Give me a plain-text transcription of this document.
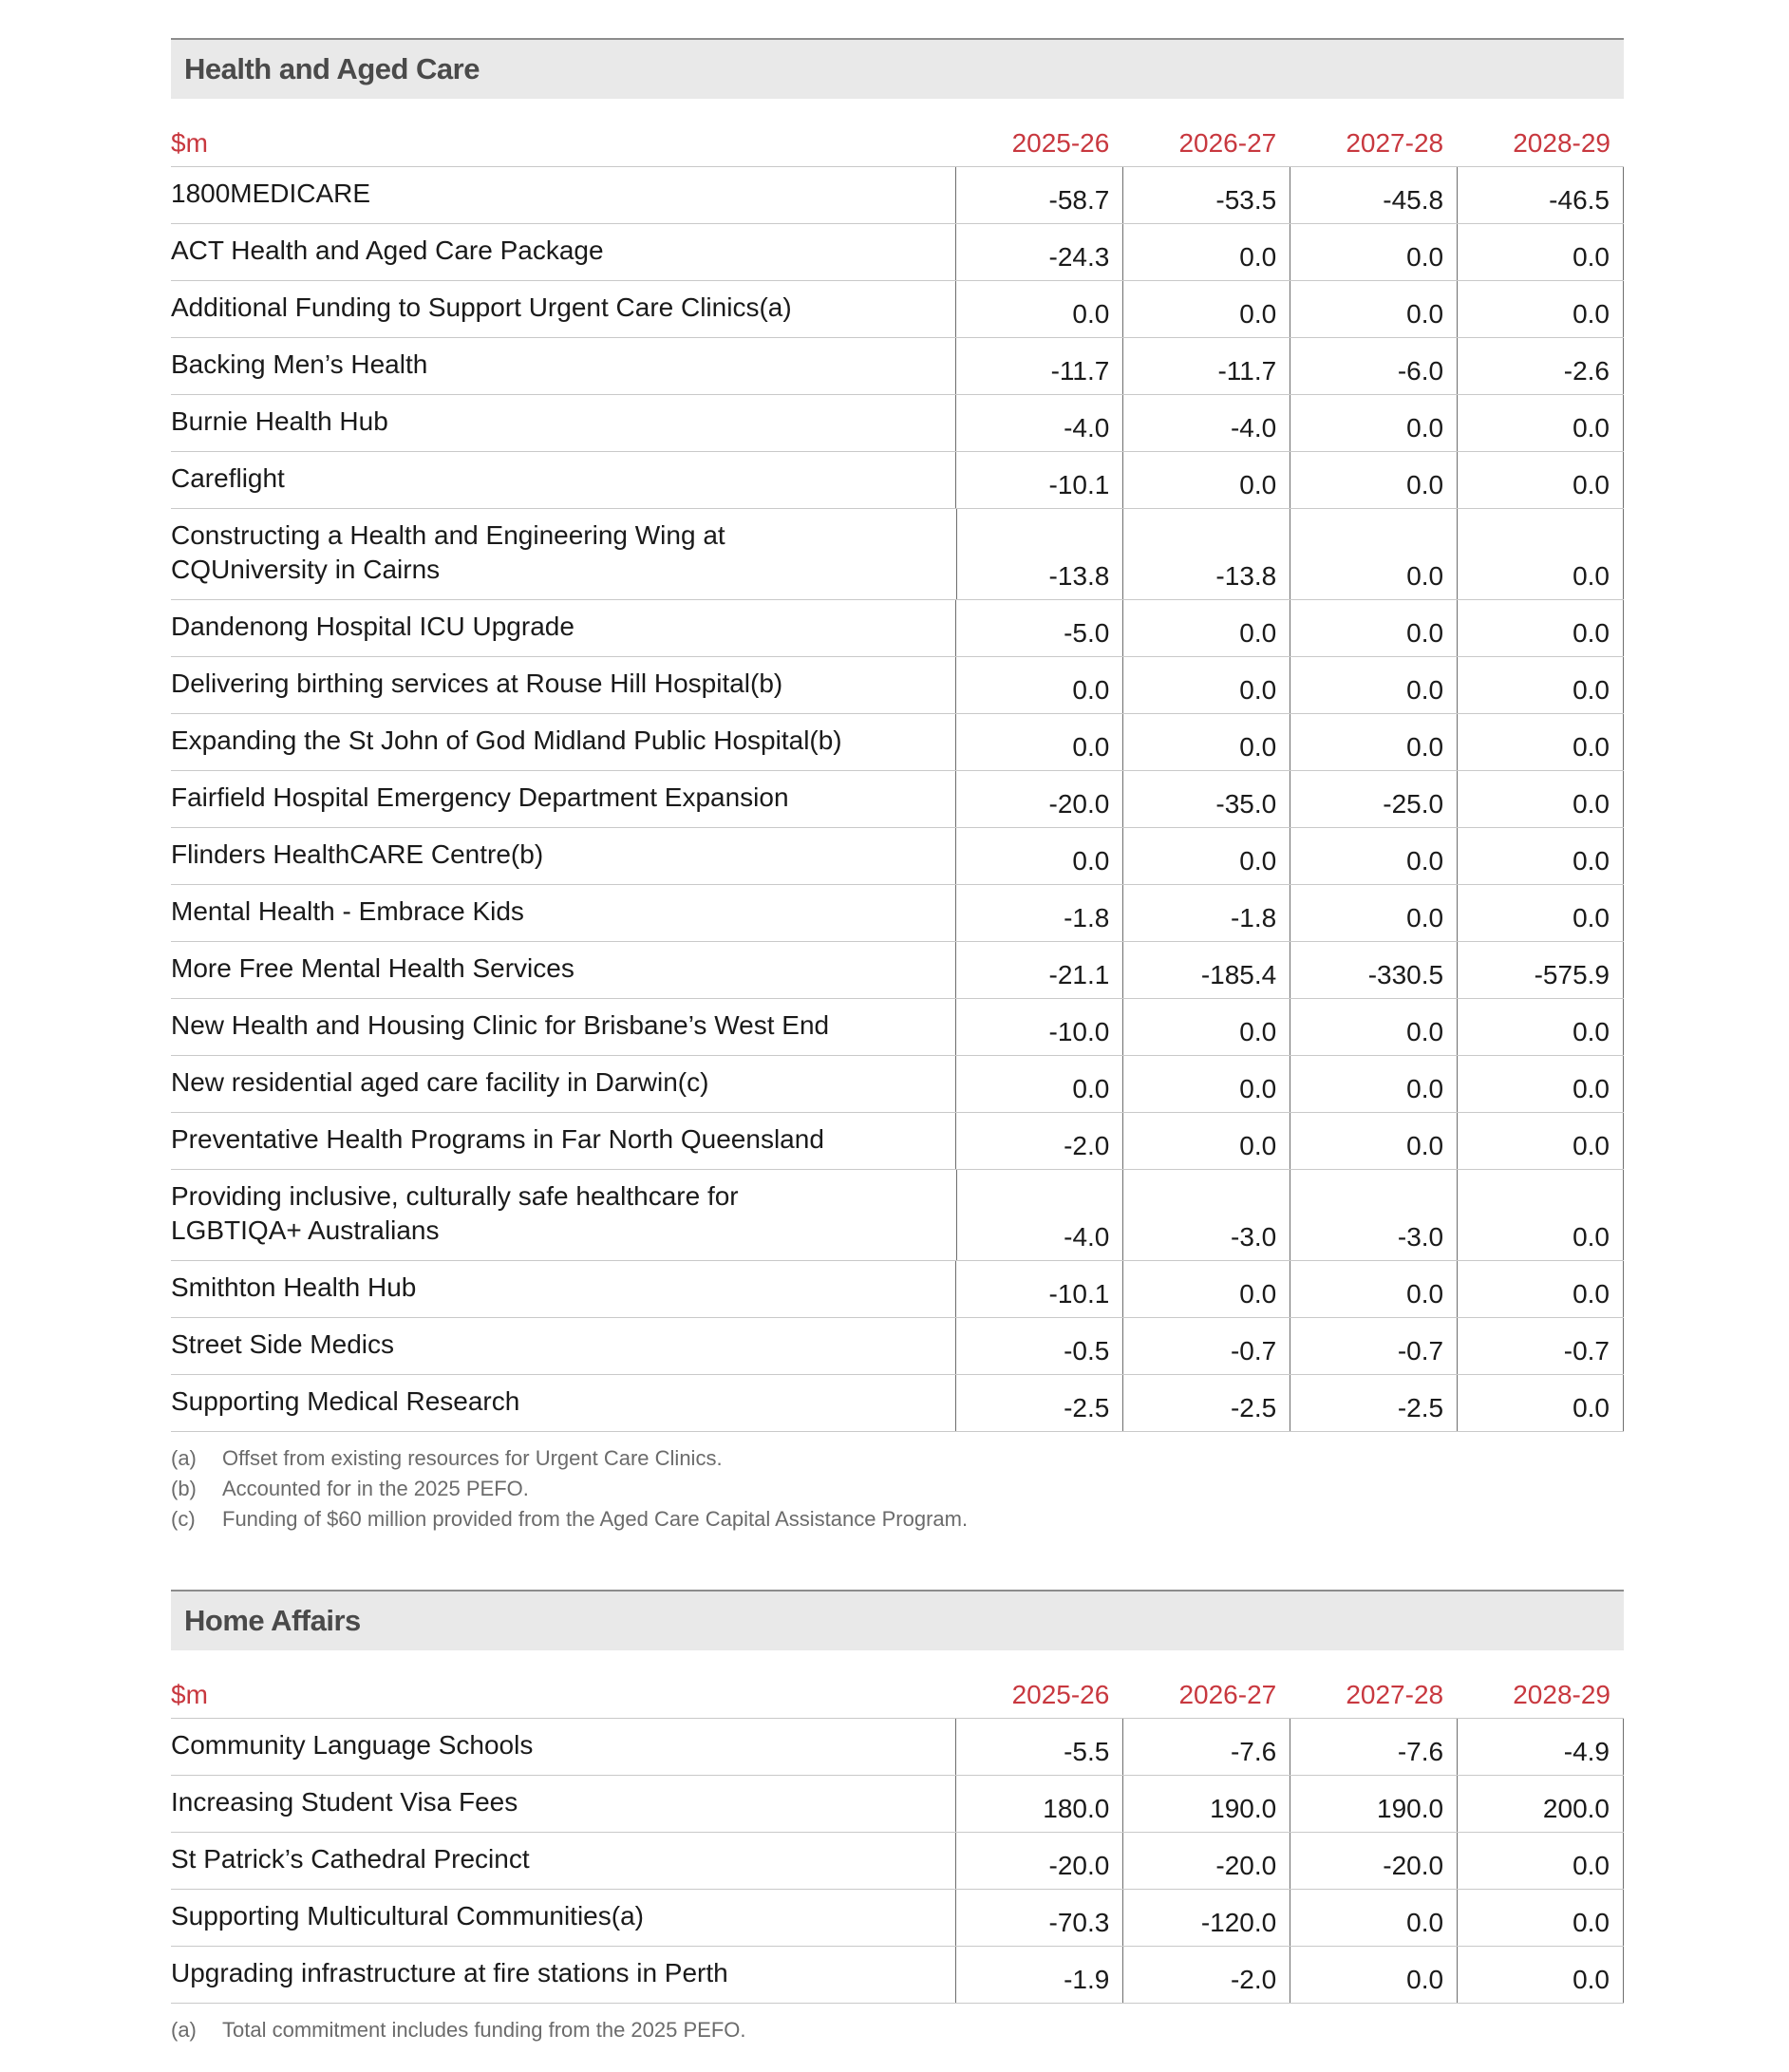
Health and Aged Care
$m	2025-26	2026-27	2027-28	2028-29
1800MEDICARE	-58.7	-53.5	-45.8	-46.5
ACT Health and Aged Care Package	-24.3	0.0	0.0	0.0
Additional Funding to Support Urgent Care Clinics(a)	0.0	0.0	0.0	0.0
Backing Men’s Health	-11.7	-11.7	-6.0	-2.6
Burnie Health Hub	-4.0	-4.0	0.0	0.0
Careflight	-10.1	0.0	0.0	0.0
Constructing a Health and Engineering Wing at CQUniversity in Cairns	-13.8	-13.8	0.0	0.0
Dandenong Hospital ICU Upgrade	-5.0	0.0	0.0	0.0
Delivering birthing services at Rouse Hill Hospital(b)	0.0	0.0	0.0	0.0
Expanding the St John of God Midland Public Hospital(b)	0.0	0.0	0.0	0.0
Fairfield Hospital Emergency Department Expansion	-20.0	-35.0	-25.0	0.0
Flinders HealthCARE Centre(b)	0.0	0.0	0.0	0.0
Mental Health - Embrace Kids	-1.8	-1.8	0.0	0.0
More Free Mental Health Services	-21.1	-185.4	-330.5	-575.9
New Health and Housing Clinic for Brisbane’s West End	-10.0	0.0	0.0	0.0
New residential aged care facility in Darwin(c)	0.0	0.0	0.0	0.0
Preventative Health Programs in Far North Queensland	-2.0	0.0	0.0	0.0
Providing inclusive, culturally safe healthcare for LGBTIQA+ Australians	-4.0	-3.0	-3.0	0.0
Smithton Health Hub	-10.1	0.0	0.0	0.0
Street Side Medics	-0.5	-0.7	-0.7	-0.7
Supporting Medical Research	-2.5	-2.5	-2.5	0.0
(a)	Offset from existing resources for Urgent Care Clinics.
(b)	Accounted for in the 2025 PEFO.
(c)	Funding of $60 million provided from the Aged Care Capital Assistance Program.
Home Affairs
$m	2025-26	2026-27	2027-28	2028-29
Community Language Schools	-5.5	-7.6	-7.6	-4.9
Increasing Student Visa Fees	180.0	190.0	190.0	200.0
St Patrick’s Cathedral Precinct	-20.0	-20.0	-20.0	0.0
Supporting Multicultural Communities(a)	-70.3	-120.0	0.0	0.0
Upgrading infrastructure at fire stations in Perth	-1.9	-2.0	0.0	0.0
(a)	Total commitment includes funding from the 2025 PEFO.
